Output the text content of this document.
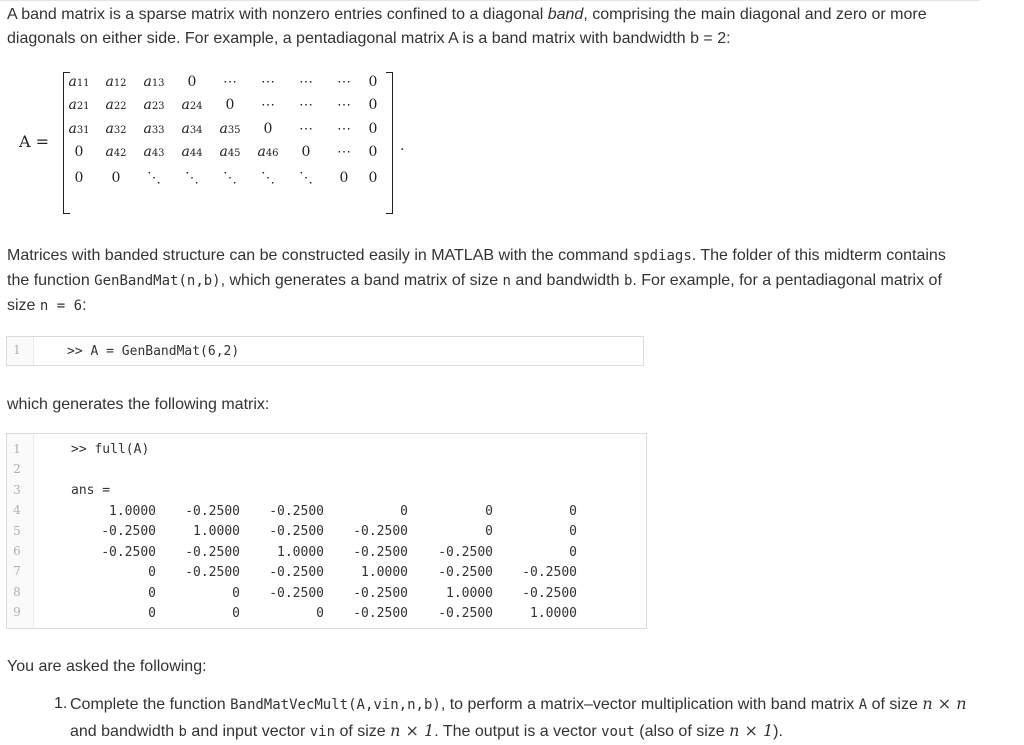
A band matrix is a sparse matrix with nonzero entries confined to a diagonal band, comprising the main diagonal and zero or more

diagonals on either side. For example, a pentadiagonal matrix A is a band matrix with bandwidth b = 2:

A =
a11	a12	a13	0	⋯	⋯	⋯	⋯	0
a21	a22	a23	a24	0	⋯	⋯	⋯	0
a31	a32	a33	a34	a35	0	⋯	⋯	0
0	a42	a43	a44	a45	a46	0	⋯	0
0	0	⋱	⋱	⋱	⋱	⋱	0	0
.

Matrices with banded structure can be constructed easily in MATLAB with the command spdiags. The folder of this midterm contains

the function GenBandMat(n,b), which generates a band matrix of size n and bandwidth b. For example, for a pentadiagonal matrix of

size n = 6:

1	>> A = GenBandMat(6,2)

which generates the following matrix:

>> full(A)
ans =
1
2
3
4
5
6
7
8
9
1.0000	-0.2500	-0.2500	0	0	0
-0.2500	1.0000	-0.2500	-0.2500	0	0
-0.2500	-0.2500	1.0000	-0.2500	-0.2500	0
0	-0.2500	-0.2500	1.0000	-0.2500	-0.2500
0	0	-0.2500	-0.2500	1.0000	-0.2500
0	0	0	-0.2500	-0.2500	1.0000

You are asked the following:

1. Complete the function BandMatVecMult(A,vin,n,b), to perform a matrix–vector multiplication with band matrix A of size n × n
and bandwidth b and input vector vin of size n × 1. The output is a vector vout (also of size n × 1).
